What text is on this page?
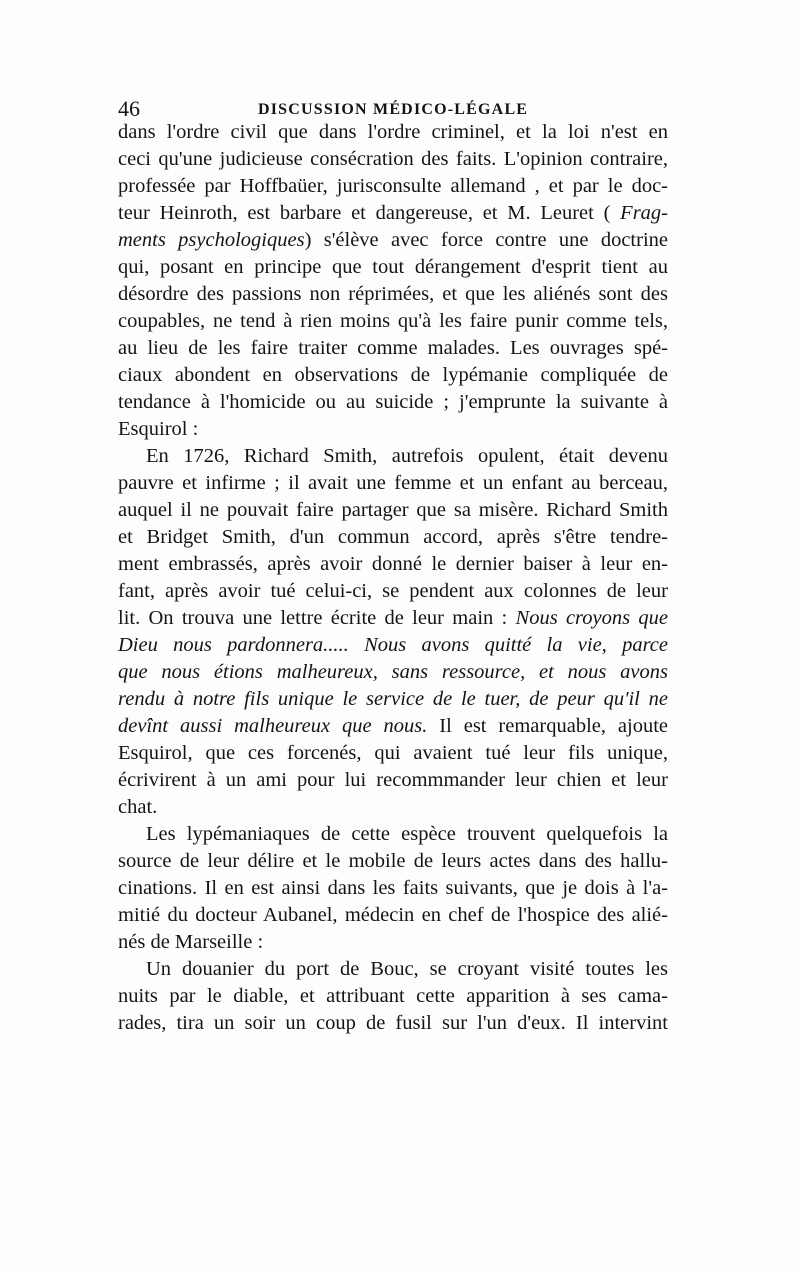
46	DISCUSSION MÉDICO-LÉGALE
dans l'ordre civil que dans l'ordre criminel, et la loi n'est en
ceci qu'une judicieuse consécration des faits. L'opinion contraire,
professée par Hoffbaüer, jurisconsulte allemand , et par le doc-
teur Heinroth, est barbare et dangereuse, et M. Leuret ( Frag-
ments psychologiques) s'élève avec force contre une doctrine
qui, posant en principe que tout dérangement d'esprit tient au
désordre des passions non réprimées, et que les aliénés sont des
coupables, ne tend à rien moins qu'à les faire punir comme tels,
au lieu de les faire traiter comme malades. Les ouvrages spé-
ciaux abondent en observations de lypémanie compliquée de
tendance à l'homicide ou au suicide ; j'emprunte la suivante à
Esquirol :
En 1726, Richard Smith, autrefois opulent, était devenu
pauvre et infirme ; il avait une femme et un enfant au berceau,
auquel il ne pouvait faire partager que sa misère. Richard Smith
et Bridget Smith, d'un commun accord, après s'être tendre-
ment embrassés, après avoir donné le dernier baiser à leur en-
fant, après avoir tué celui-ci, se pendent aux colonnes de leur
lit. On trouva une lettre écrite de leur main : Nous croyons que
Dieu nous pardonnera..... Nous avons quitté la vie, parce
que nous étions malheureux, sans ressource, et nous avons
rendu à notre fils unique le service de le tuer, de peur qu'il ne
devînt aussi malheureux que nous. Il est remarquable, ajoute
Esquirol, que ces forcenés, qui avaient tué leur fils unique,
écrivirent à un ami pour lui recommmander leur chien et leur
chat.
Les lypémaniaques de cette espèce trouvent quelquefois la
source de leur délire et le mobile de leurs actes dans des hallu-
cinations. Il en est ainsi dans les faits suivants, que je dois à l'a-
mitié du docteur Aubanel, médecin en chef de l'hospice des alié-
nés de Marseille :
Un douanier du port de Bouc, se croyant visité toutes les
nuits par le diable, et attribuant cette apparition à ses cama-
rades, tira un soir un coup de fusil sur l'un d'eux. Il intervint
